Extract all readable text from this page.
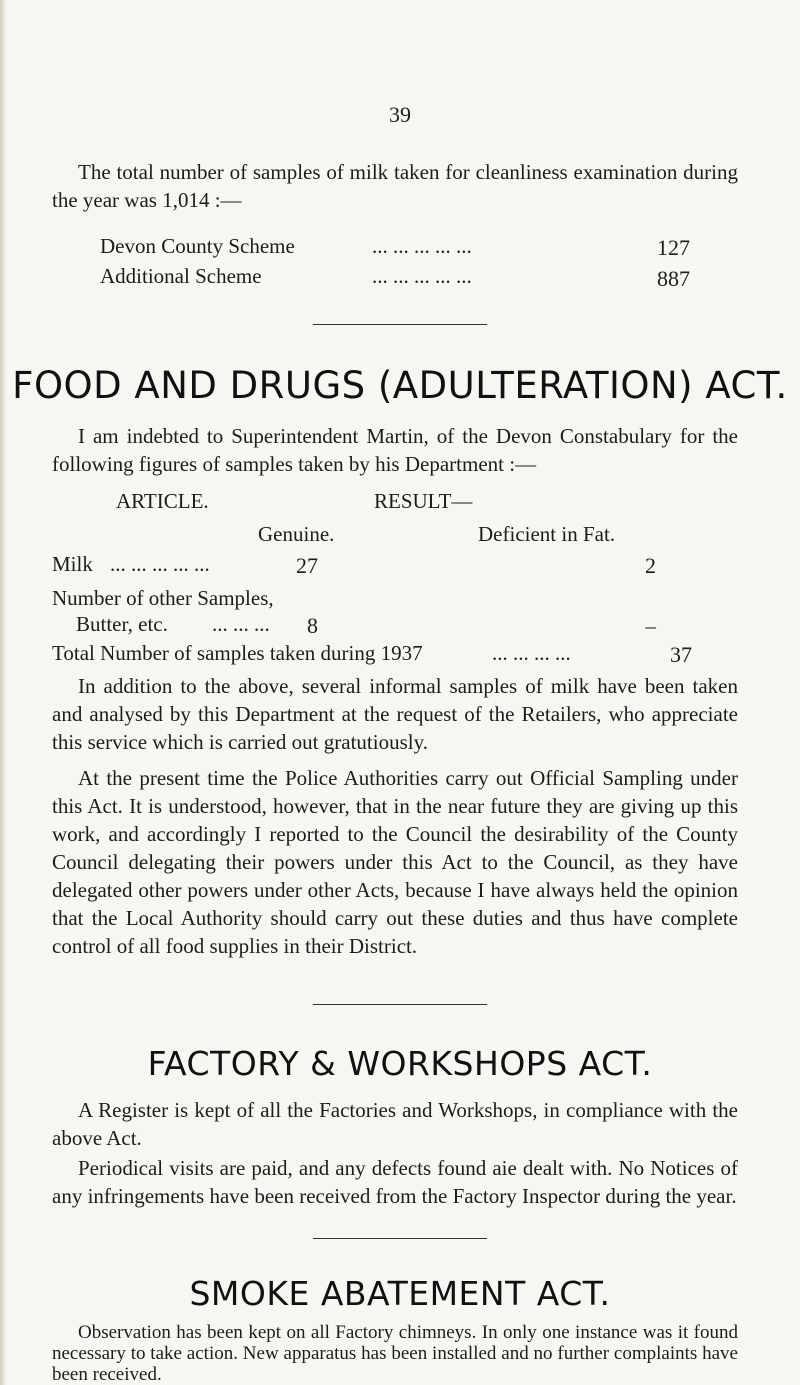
39

The total number of samples of milk taken for cleanliness examination during the year was 1,014 :—

Devon County Scheme	... ... ... ... ...	127
Additional Scheme	... ... ... ... ...	887
FOOD AND DRUGS (ADULTERATION) ACT.

I am indebted to Superintendent Martin, of the Devon Constabulary for the following figures of samples taken by his Department :—

ARTICLE.	RESULT—
Genuine.	Deficient in Fat.
Milk ... ... ... ... ...	27	2
Number of other Samples,
Butter, etc. ... ... ...	8	–
Total Number of samples taken during 1937	... ... ... ...	37

In addition to the above, several informal samples of milk have been taken and analysed by this Department at the request of the Retailers, who appreciate this service which is carried out gratutiously.

At the present time the Police Authorities carry out Official Sampling under this Act. It is understood, however, that in the near future they are giving up this work, and accordingly I reported to the Council the desirability of the County Council delegating their powers under this Act to the Council, as they have delegated other powers under other Acts, because I have always held the opinion that the Local Authority should carry out these duties and thus have complete control of all food supplies in their District.

FACTORY & WORKSHOPS ACT.

A Register is kept of all the Factories and Workshops, in compliance with the above Act.

Periodical visits are paid, and any defects found aie dealt with. No Notices of any infringements have been received from the Factory Inspector during the year.

SMOKE ABATEMENT ACT.

Observation has been kept on all Factory chimneys. In only one instance was it found necessary to take action. New apparatus has been installed and no further complaints have been received.
